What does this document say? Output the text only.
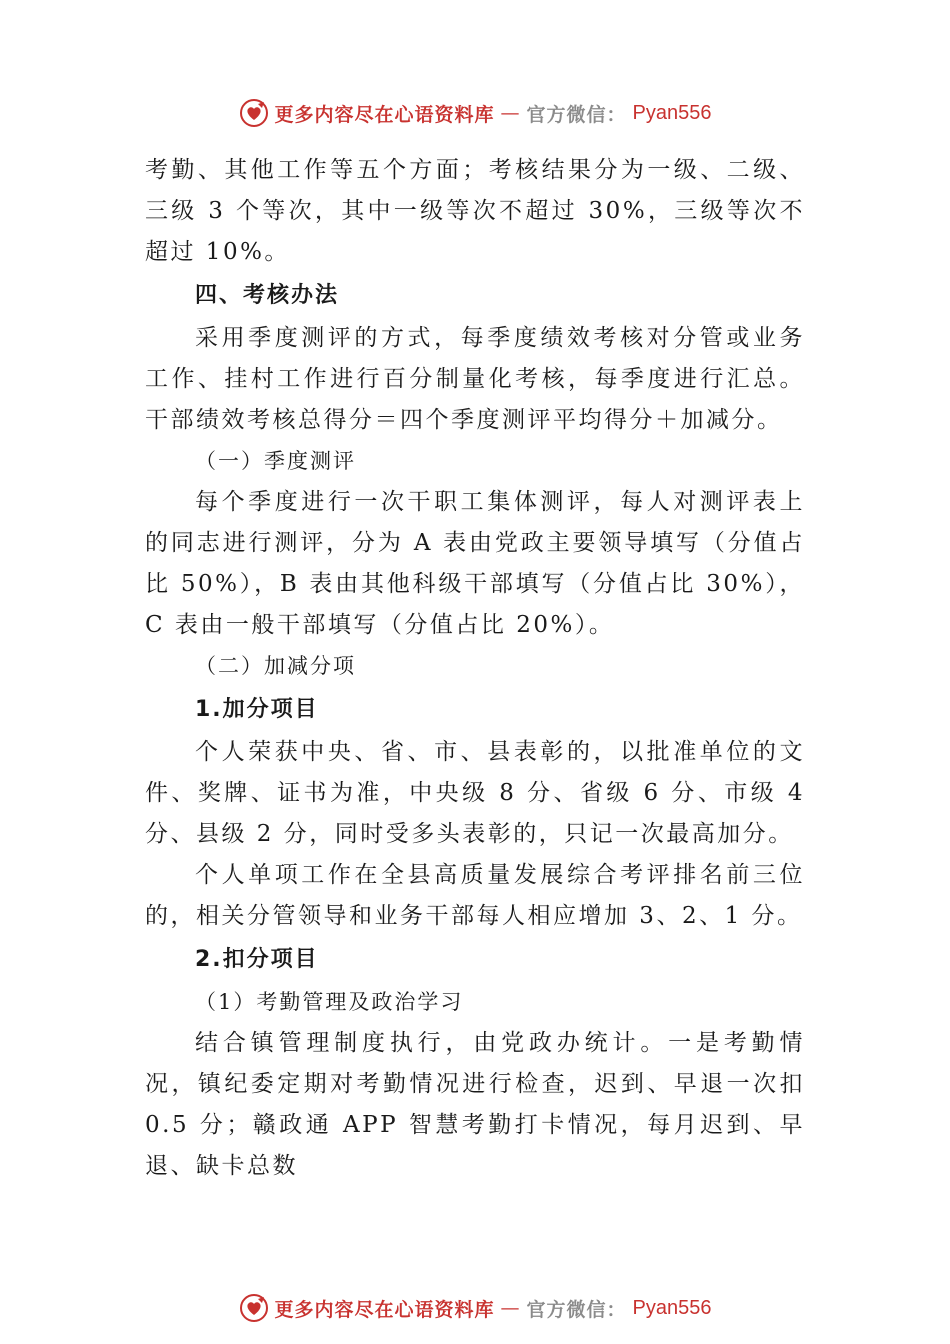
更多内容尽在心语资料库 — 官方微信： Pyan556

考勤、其他工作等五个方面；考核结果分为一级、二级、三级 3 个等次，其中一级等次不超过 30%，三级等次不超过 10%。

四、考核办法

采用季度测评的方式，每季度绩效考核对分管或业务工作、挂村工作进行百分制量化考核，每季度进行汇总。干部绩效考核总得分＝四个季度测评平均得分＋加减分。

（一）季度测评

每个季度进行一次干职工集体测评，每人对测评表上的同志进行测评，分为 A 表由党政主要领导填写（分值占比 50%），B 表由其他科级干部填写（分值占比 30%），C 表由一般干部填写（分值占比 20%）。

（二）加减分项
1.加分项目

个人荣获中央、省、市、县表彰的，以批准单位的文件、奖牌、证书为准，中央级 8 分、省级 6 分、市级 4 分、县级 2 分，同时受多头表彰的，只记一次最高加分。

个人单项工作在全县高质量发展综合考评排名前三位的，相关分管领导和业务干部每人相应增加 3、2、1 分。

2.扣分项目
（1）考勤管理及政治学习

结合镇管理制度执行，由党政办统计。一是考勤情况，镇纪委定期对考勤情况进行检查，迟到、早退一次扣 0.5 分；赣政通 APP 智慧考勤打卡情况，每月迟到、早退、缺卡总数

更多内容尽在心语资料库 — 官方微信： Pyan556
